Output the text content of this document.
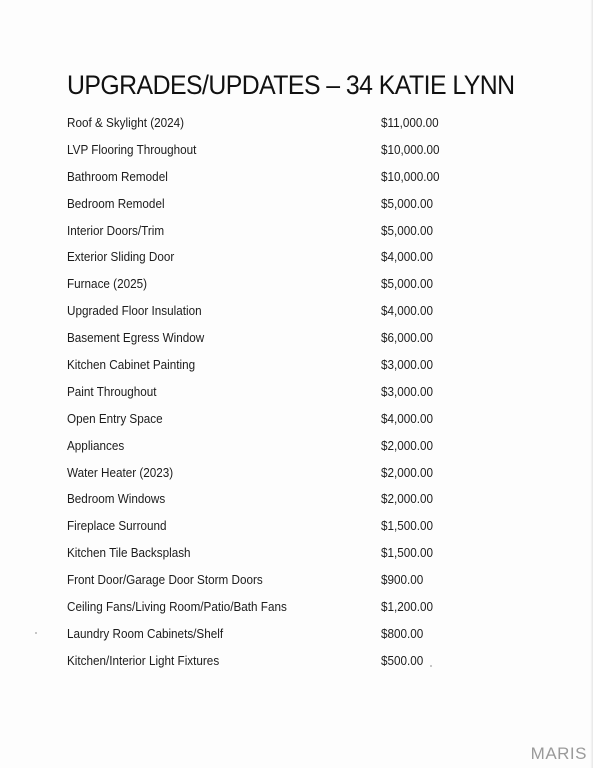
UPGRADES/UPDATES – 34 KATIE LYNN
Roof & Skylight (2024)	$11,000.00
LVP Flooring Throughout	$10,000.00
Bathroom Remodel	$10,000.00
Bedroom Remodel	$5,000.00
Interior Doors/Trim	$5,000.00
Exterior Sliding Door	$4,000.00
Furnace (2025)	$5,000.00
Upgraded Floor Insulation	$4,000.00
Basement Egress Window	$6,000.00
Kitchen Cabinet Painting	$3,000.00
Paint Throughout	$3,000.00
Open Entry Space	$4,000.00
Appliances	$2,000.00
Water Heater (2023)	$2,000.00
Bedroom Windows	$2,000.00
Fireplace Surround	$1,500.00
Kitchen Tile Backsplash	$1,500.00
Front Door/Garage Door Storm Doors	$900.00
Ceiling Fans/Living Room/Patio/Bath Fans	$1,200.00
Laundry Room Cabinets/Shelf	$800.00
Kitchen/Interior Light Fixtures	$500.00
MARIS
